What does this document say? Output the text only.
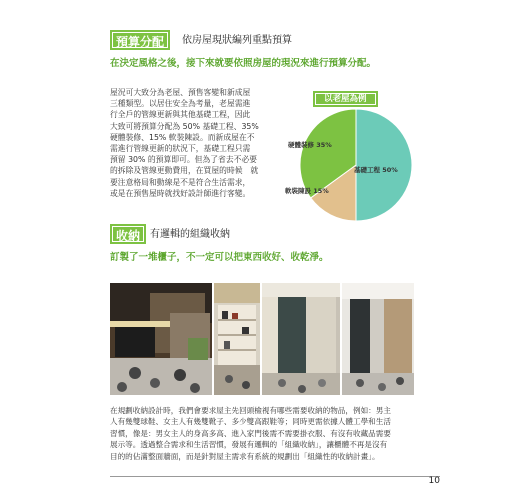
預算分配	依房屋現狀編列重點預算
在決定風格之後，接下來就要依照房屋的現況來進行預算分配。
屋況可大致分為老屋、預售客變和新成屋
三種類型。以居住安全為考量，老屋需進
行全戶的管線更新與其他基礎工程，因此
大致可將預算分配為 50% 基礎工程、35%
硬體裝修、15% 軟裝陳設。而新成屋在不
需進行管線更新的狀況下，基礎工程只需
預留 30% 的預算即可。但為了省去不必要
的拆除及管線更動費用，在買屋的時候　就
要注意格局和動線是不是符合生活需求，
或是在預售屋時就找好設計師進行客變。
以老屋為例
硬體裝修 35%
基礎工程 50%
軟裝陳設 15%
收納 有邏輯的組織收納
訂製了一堆櫃子，不一定可以把東西收好、收乾淨。
在規劃收納設計時，我們會要求屋主先回頭檢視有哪些需要收納的物品，例如：男主
人有幾雙球鞋、女主人有幾雙靴子、多少雙高跟鞋等；同時更需依據人體工學和生活
習慣，像是：男女主人的身高多高、進入家門後需不需要掛衣服、有沒有收藏品需要
展示等。透過整合需求和生活習慣，發展有邏輯的「組織收納」，讓櫃體不再是沒有
目的的佔滿整面牆面，而是針對屋主需求有系統的規劃出「組織性的收納計畫」。
10
